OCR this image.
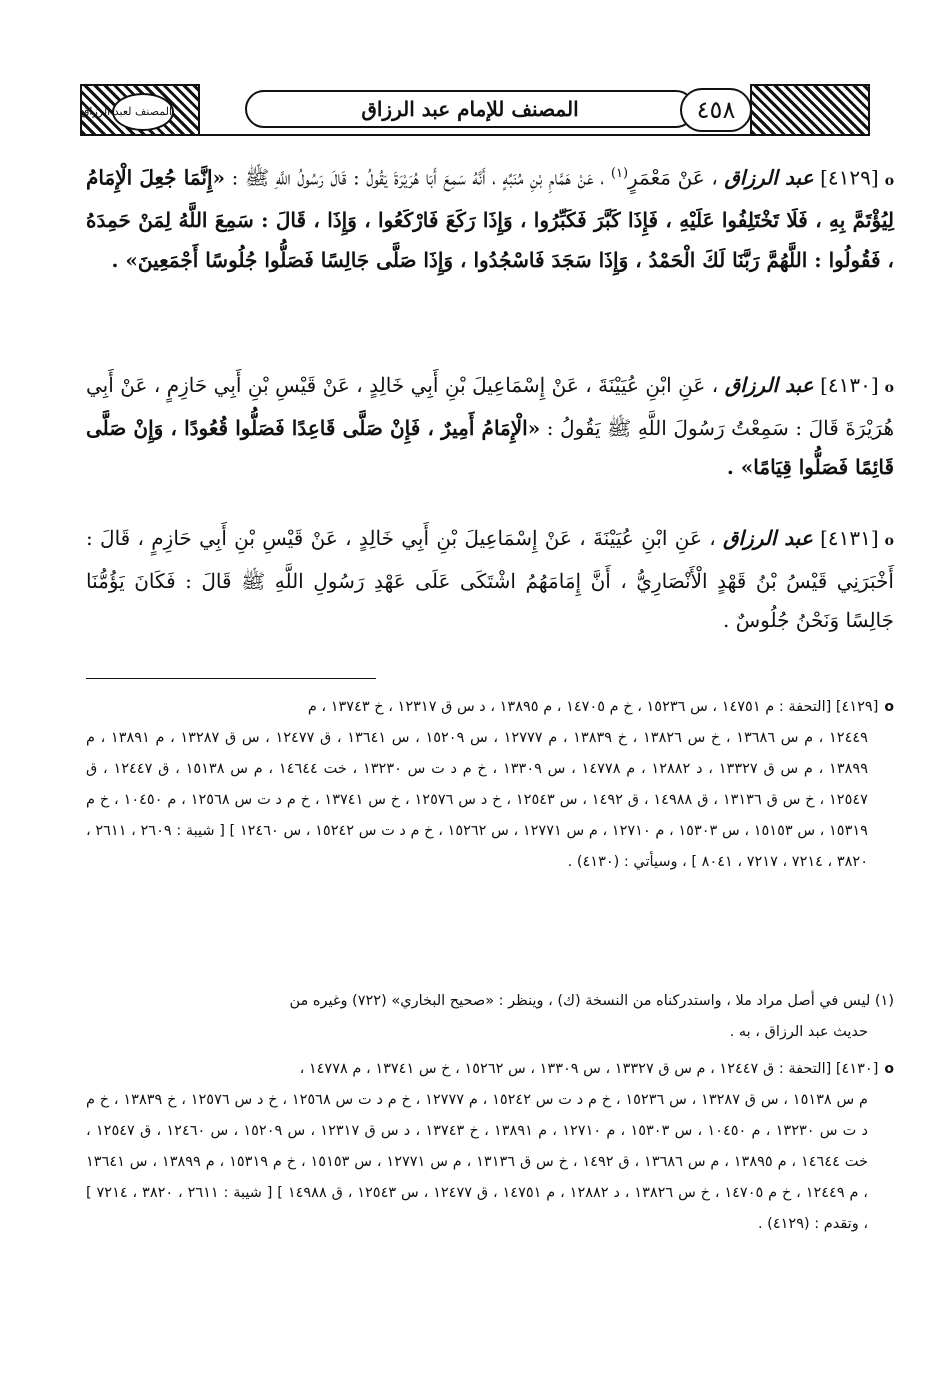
المصنف لعبد الرزاق	المصنف للإمام عبد الرزاق	٤٥٨
o[٤١٢٩] عبد الرزاق ، عَنْ مَعْمَرٍ$^{(١)}$ ، عَنْ هَمَّامِ بْنِ مُنَبِّهٍ ، أَنَّهُ سَمِعَ أَبَا هُرَيْرَةَ يَقُولُ : قَالَ رَسُولُ اللَّهِ ﷺ : «إِنَّمَا جُعِلَ الْإِمَامُ لِيُؤْتَمَّ بِهِ ، فَلَا تَخْتَلِفُوا عَلَيْهِ ، فَإِذَا كَبَّرَ فَكَبِّرُوا ، وَإِذَا رَكَعَ فَارْكَعُوا ، وَإِذَا ، قَالَ : سَمِعَ اللَّهُ لِمَنْ حَمِدَهُ ، فَقُولُوا : اللَّهُمَّ رَبَّنَا لَكَ الْحَمْدُ ، وَإِذَا سَجَدَ فَاسْجُدُوا ، وَإِذَا صَلَّى جَالِسًا فَصَلُّوا جُلُوسًا أَجْمَعِينَ» .
o[٤١٣٠] عبد الرزاق ، عَنِ ابْنِ عُيَيْنَةَ ، عَنْ إِسْمَاعِيلَ بْنِ أَبِي خَالِدٍ ، عَنْ قَيْسِ بْنِ أَبِي حَازِمٍ ، عَنْ أَبِي هُرَيْرَةَ قَالَ : سَمِعْتُ رَسُولَ اللَّهِ ﷺ يَقُولُ : «الْإِمَامُ أَمِيرٌ ، فَإِنْ صَلَّى قَاعِدًا فَصَلُّوا قُعُودًا ، وَإِنْ صَلَّى قَائِمًا فَصَلُّوا قِيَامًا» .
o[٤١٣١] عبد الرزاق ، عَنِ ابْنِ عُيَيْنَةَ ، عَنْ إِسْمَاعِيلَ بْنِ أَبِي خَالِدٍ ، عَنْ قَيْسِ بْنِ أَبِي حَازِمٍ ، قَالَ : أَخْبَرَنِي قَيْسُ بْنُ قَهْدٍ الْأَنْصَارِيُّ ، أَنَّ إِمَامَهُمُ اشْتَكَى عَلَى عَهْدِ رَسُولِ اللَّهِ ﷺ قَالَ : فَكَانَ يَؤُمُّنَا جَالِسًا وَنَحْنُ جُلُوسٌ .
o[٤١٢٩] [التحفة : م ١٤٧٥١ ، س ١٥٢٣٦ ، خ م ١٤٧٠٥ ، م ١٣٨٩٥ ، د س ق ١٢٣١٧ ، خ ١٣٧٤٣ ، م
١٢٤٤٩ ، م س ١٣٦٨٦ ، خ س ١٣٨٢٦ ، خ ١٣٨٣٩ ، م ١٢٧٧٧ ، س ١٥٢٠٩ ، س ١٣٦٤١ ، ق ١٢٤٧٧ ، س ق ١٣٢٨٧ ، م ١٣٨٩١ ، م ١٣٨٩٩ ، م س ق ١٣٣٢٧ ، د ١٢٨٨٢ ، م ١٤٧٧٨ ، س ١٣٣٠٩ ، خ م د ت س ١٣٢٣٠ ، خت ١٤٦٤٤ ، م س ١٥١٣٨ ، ق ١٢٤٤٧ ، ق ١٢٥٤٧ ، خ س ق ١٣١٣٦ ، ق ١٤٩٨٨ ، ق ١٤٩٢ ، س ١٢٥٤٣ ، خ د س ١٢٥٧٦ ، خ س ١٣٧٤١ ، خ م د ت س ١٢٥٦٨ ، م ١٠٤٥٠ ، خ م ١٥٣١٩ ، س ١٥١٥٣ ، س ١٥٣٠٣ ، م ١٢٧١٠ ، م س ١٢٧٧١ ، س ١٥٢٦٢ ، خ م د ت س ١٥٢٤٢ ، س ١٢٤٦٠ ] [ شيبة : ٢٦٠٩ ، ٢٦١١ ، ٣٨٢٠ ، ٧٢١٤ ، ٧٢١٧ ، ٨٠٤١ ] ، وسيأتي : (٤١٣٠) .
(١) ليس في أصل مراد ملا ، واستدركناه من النسخة (ك) ، وينظر : «صحيح البخاري» (٧٢٢) وغيره من
حديث عبد الرزاق ، به .
o[٤١٣٠] [التحفة : ق ١٢٤٤٧ ، م س ق ١٣٣٢٧ ، س ١٣٣٠٩ ، س ١٥٢٦٢ ، خ س ١٣٧٤١ ، م ١٤٧٧٨ ،
م س ١٥١٣٨ ، س ق ١٣٢٨٧ ، س ١٥٢٣٦ ، خ م د ت س ١٥٢٤٢ ، م ١٢٧٧٧ ، خ م د ت س ١٢٥٦٨ ، خ د س ١٢٥٧٦ ، خ ١٣٨٣٩ ، خ م د ت س ١٣٢٣٠ ، م ١٠٤٥٠ ، س ١٥٣٠٣ ، م ١٢٧١٠ ، م ١٣٨٩١ ، خ ١٣٧٤٣ ، د س ق ١٢٣١٧ ، س ١٥٢٠٩ ، س ١٢٤٦٠ ، ق ١٢٥٤٧ ، خت ١٤٦٤٤ ، م ١٣٨٩٥ ، م س ١٣٦٨٦ ، ق ١٤٩٢ ، خ س ق ١٣١٣٦ ، م س ١٢٧٧١ ، س ١٥١٥٣ ، خ م ١٥٣١٩ ، م ١٣٨٩٩ ، س ١٣٦٤١ ، م ١٢٤٤٩ ، خ م ١٤٧٠٥ ، خ س ١٣٨٢٦ ، د ١٢٨٨٢ ، م ١٤٧٥١ ، ق ١٢٤٧٧ ، س ١٢٥٤٣ ، ق ١٤٩٨٨ ] [ شيبة : ٢٦١١ ، ٣٨٢٠ ، ٧٢١٤ ] ، وتقدم : (٤١٢٩) .
